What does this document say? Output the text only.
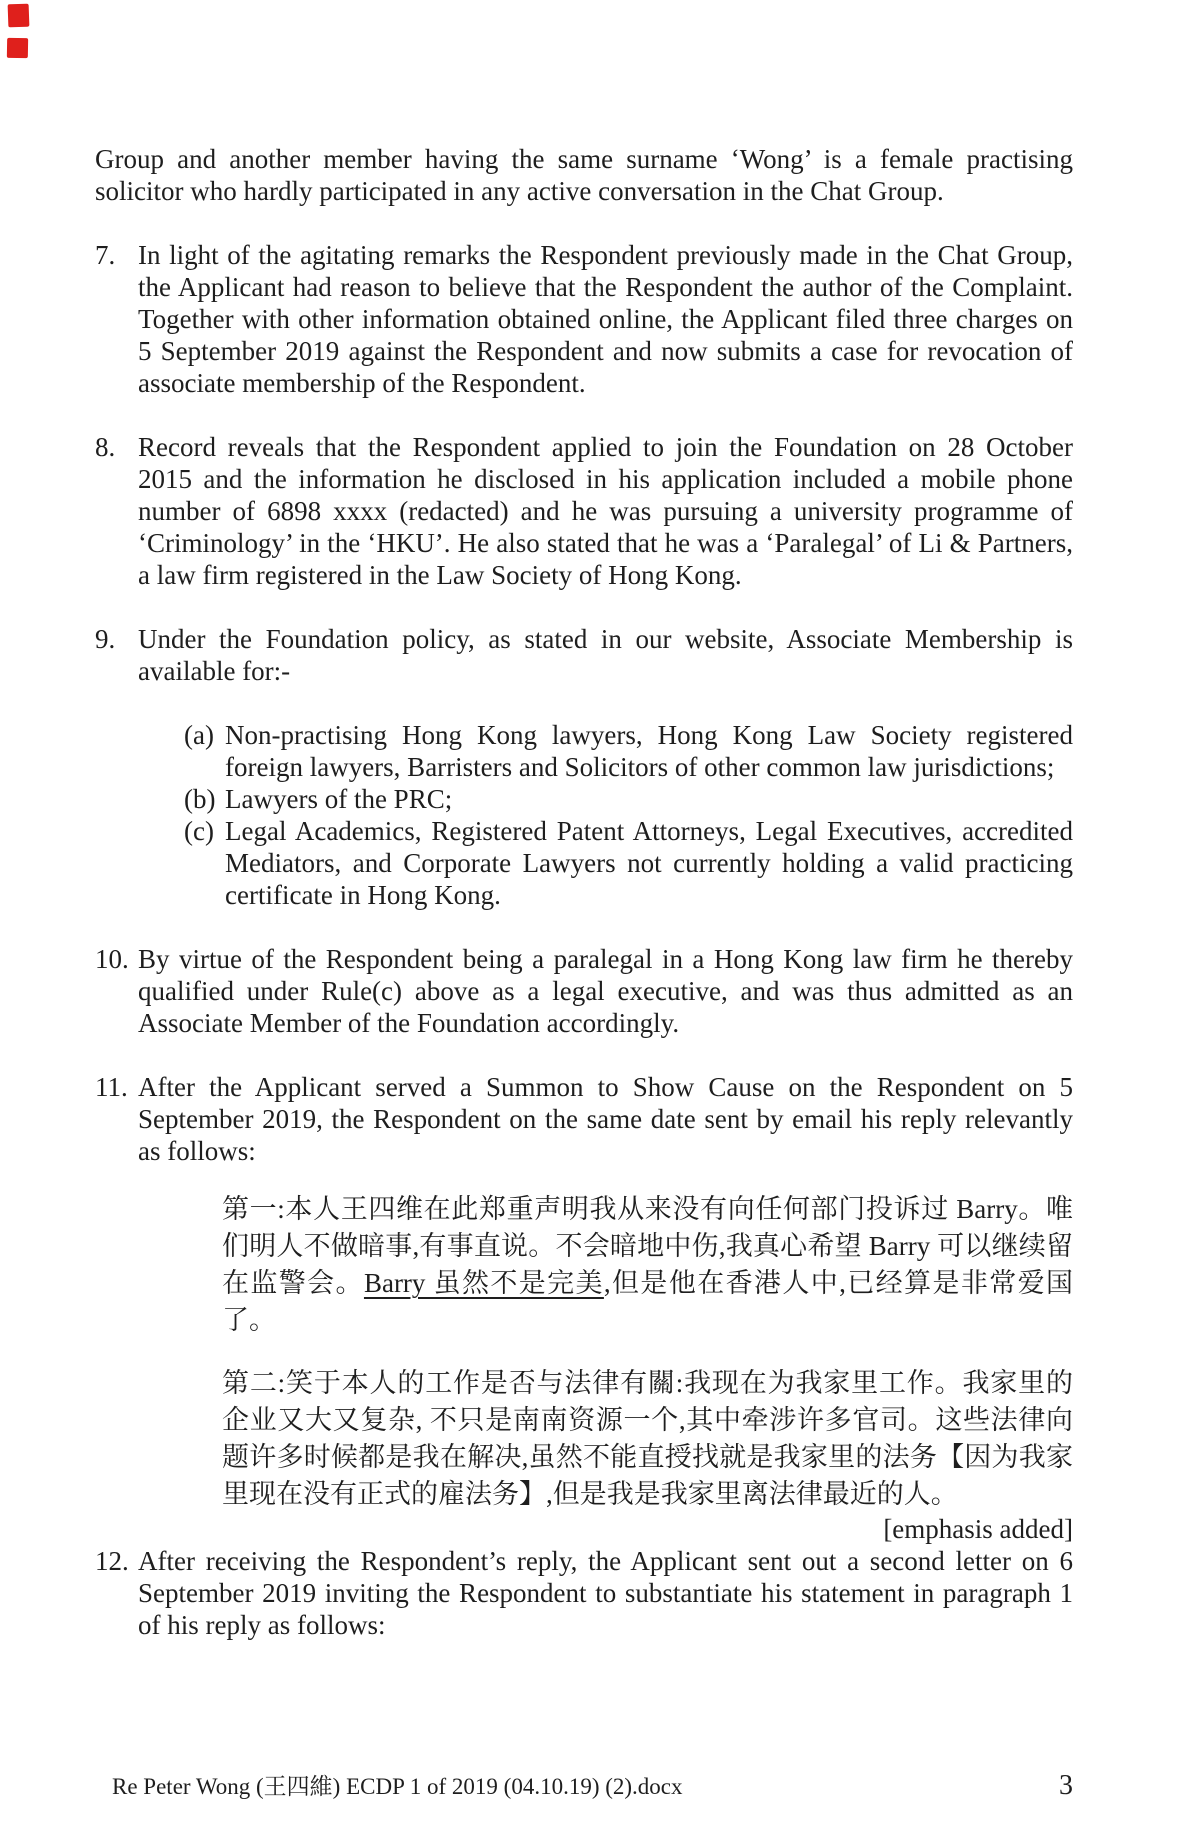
Group and another member having the same surname ‘Wong’ is a female practising solicitor who hardly participated in any active conversation in the Chat Group.

7. In light of the agitating remarks the Respondent previously made in the Chat Group, the Applicant had reason to believe that the Respondent the author of the Complaint. Together with other information obtained online, the Applicant filed three charges on 5 September 2019 against the Respondent and now submits a case for revocation of associate membership of the Respondent.
8. Record reveals that the Respondent applied to join the Foundation on 28 October 2015 and the information he disclosed in his application included a mobile phone number of 6898 xxxx (redacted) and he was pursuing a university programme of ‘Criminology’ in the ‘HKU’. He also stated that he was a ‘Paralegal’ of Li & Partners, a law firm registered in the Law Society of Hong Kong.
9. Under the Foundation policy, as stated in our website, Associate Membership is available for:-
(a) Non-practising Hong Kong lawyers, Hong Kong Law Society registered foreign lawyers, Barristers and Solicitors of other common law jurisdictions;
(b) Lawyers of the PRC;
(c) Legal Academics, Registered Patent Attorneys, Legal Executives, accredited Mediators, and Corporate Lawyers not currently holding a valid practicing certificate in Hong Kong.
10. By virtue of the Respondent being a paralegal in a Hong Kong law firm he thereby qualified under Rule(c) above as a legal executive, and was thus admitted as an Associate Member of the Foundation accordingly.
11. After the Applicant served a Summon to Show Cause on the Respondent on 5 September 2019, the Respondent on the same date sent by email his reply relevantly as follows:

第一:本人王四维在此郑重声明我从来没有向任何部门投诉过 Barry。唯们明人不做暗事,有事直说。不会暗地中伤,我真心希望 Barry 可以继续留在监警会。Barry 虽然不是完美,但是他在香港人中,已经算是非常爱国了。

第二:笑于本人的工作是否与法律有關:我现在为我家里工作。我家里的企业又大又复杂, 不只是南南资源一个,其中牵涉许多官司。这些法律向题许多时候都是我在解决,虽然不能直授找就是我家里的法务【因为我家里现在没有正式的雇法务】,但是我是我家里离法律最近的人。

[emphasis added]

12. After receiving the Respondent’s reply, the Applicant sent out a second letter on 6 September 2019 inviting the Respondent to substantiate his statement in paragraph 1 of his reply as follows:
Re Peter Wong (王四維) ECDP 1 of 2019 (04.10.19) (2).docx	3
